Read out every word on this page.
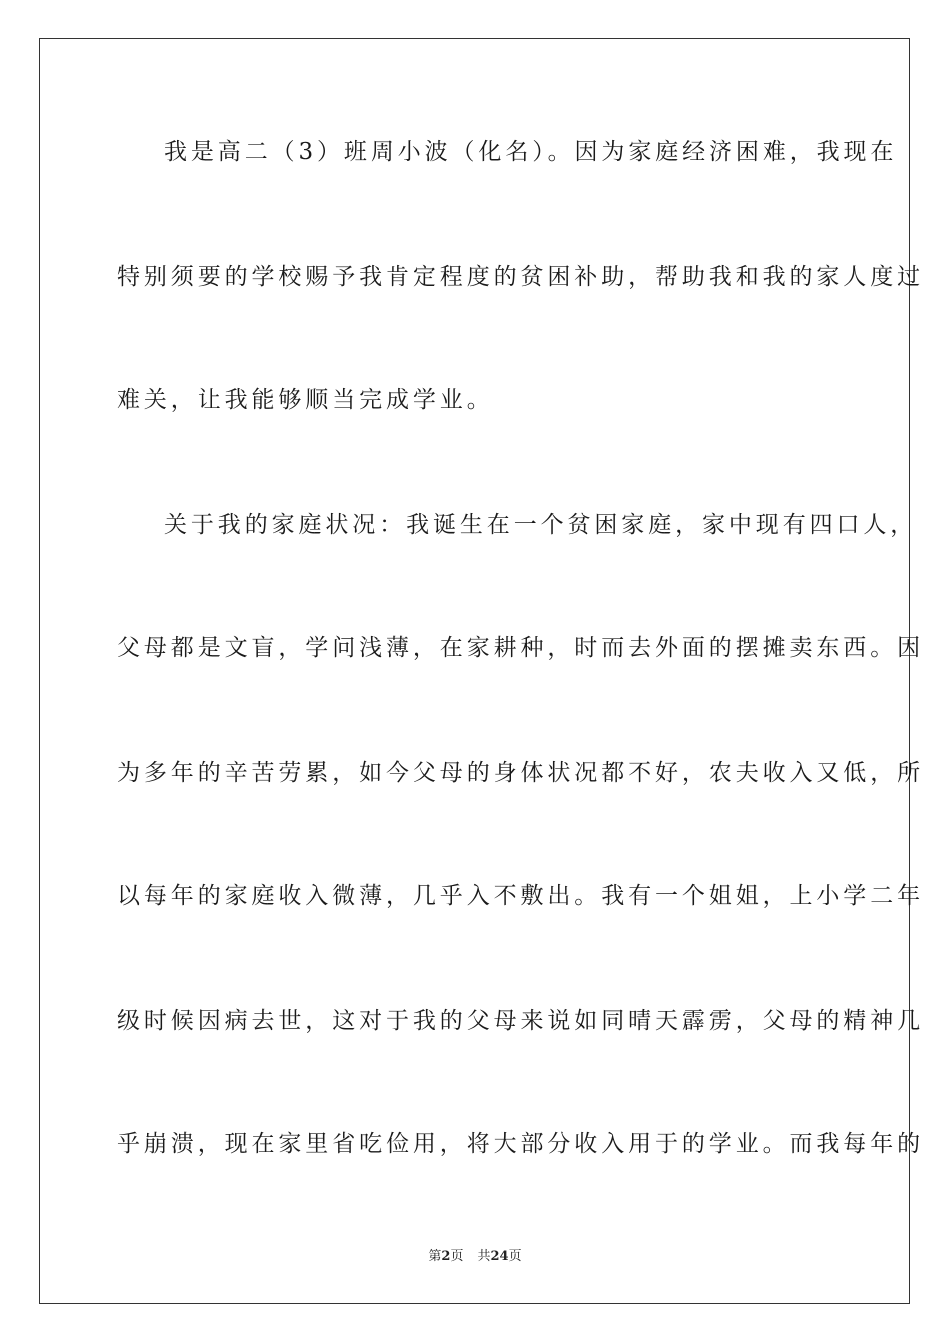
我是高二（3）班周小波（化名）。因为家庭经济困难，我现在
特别须要的学校赐予我肯定程度的贫困补助，帮助我和我的家人度过
难关，让我能够顺当完成学业。
关于我的家庭状况：我诞生在一个贫困家庭，家中现有四口人，
父母都是文盲，学问浅薄，在家耕种，时而去外面的摆摊卖东西。因
为多年的辛苦劳累，如今父母的身体状况都不好，农夫收入又低，所
以每年的家庭收入微薄，几乎入不敷出。我有一个姐姐，上小学二年
级时候因病去世，这对于我的父母来说如同晴天霹雳，父母的精神几
乎崩溃，现在家里省吃俭用，将大部分收入用于的学业。而我每年的
第2页 共24页
